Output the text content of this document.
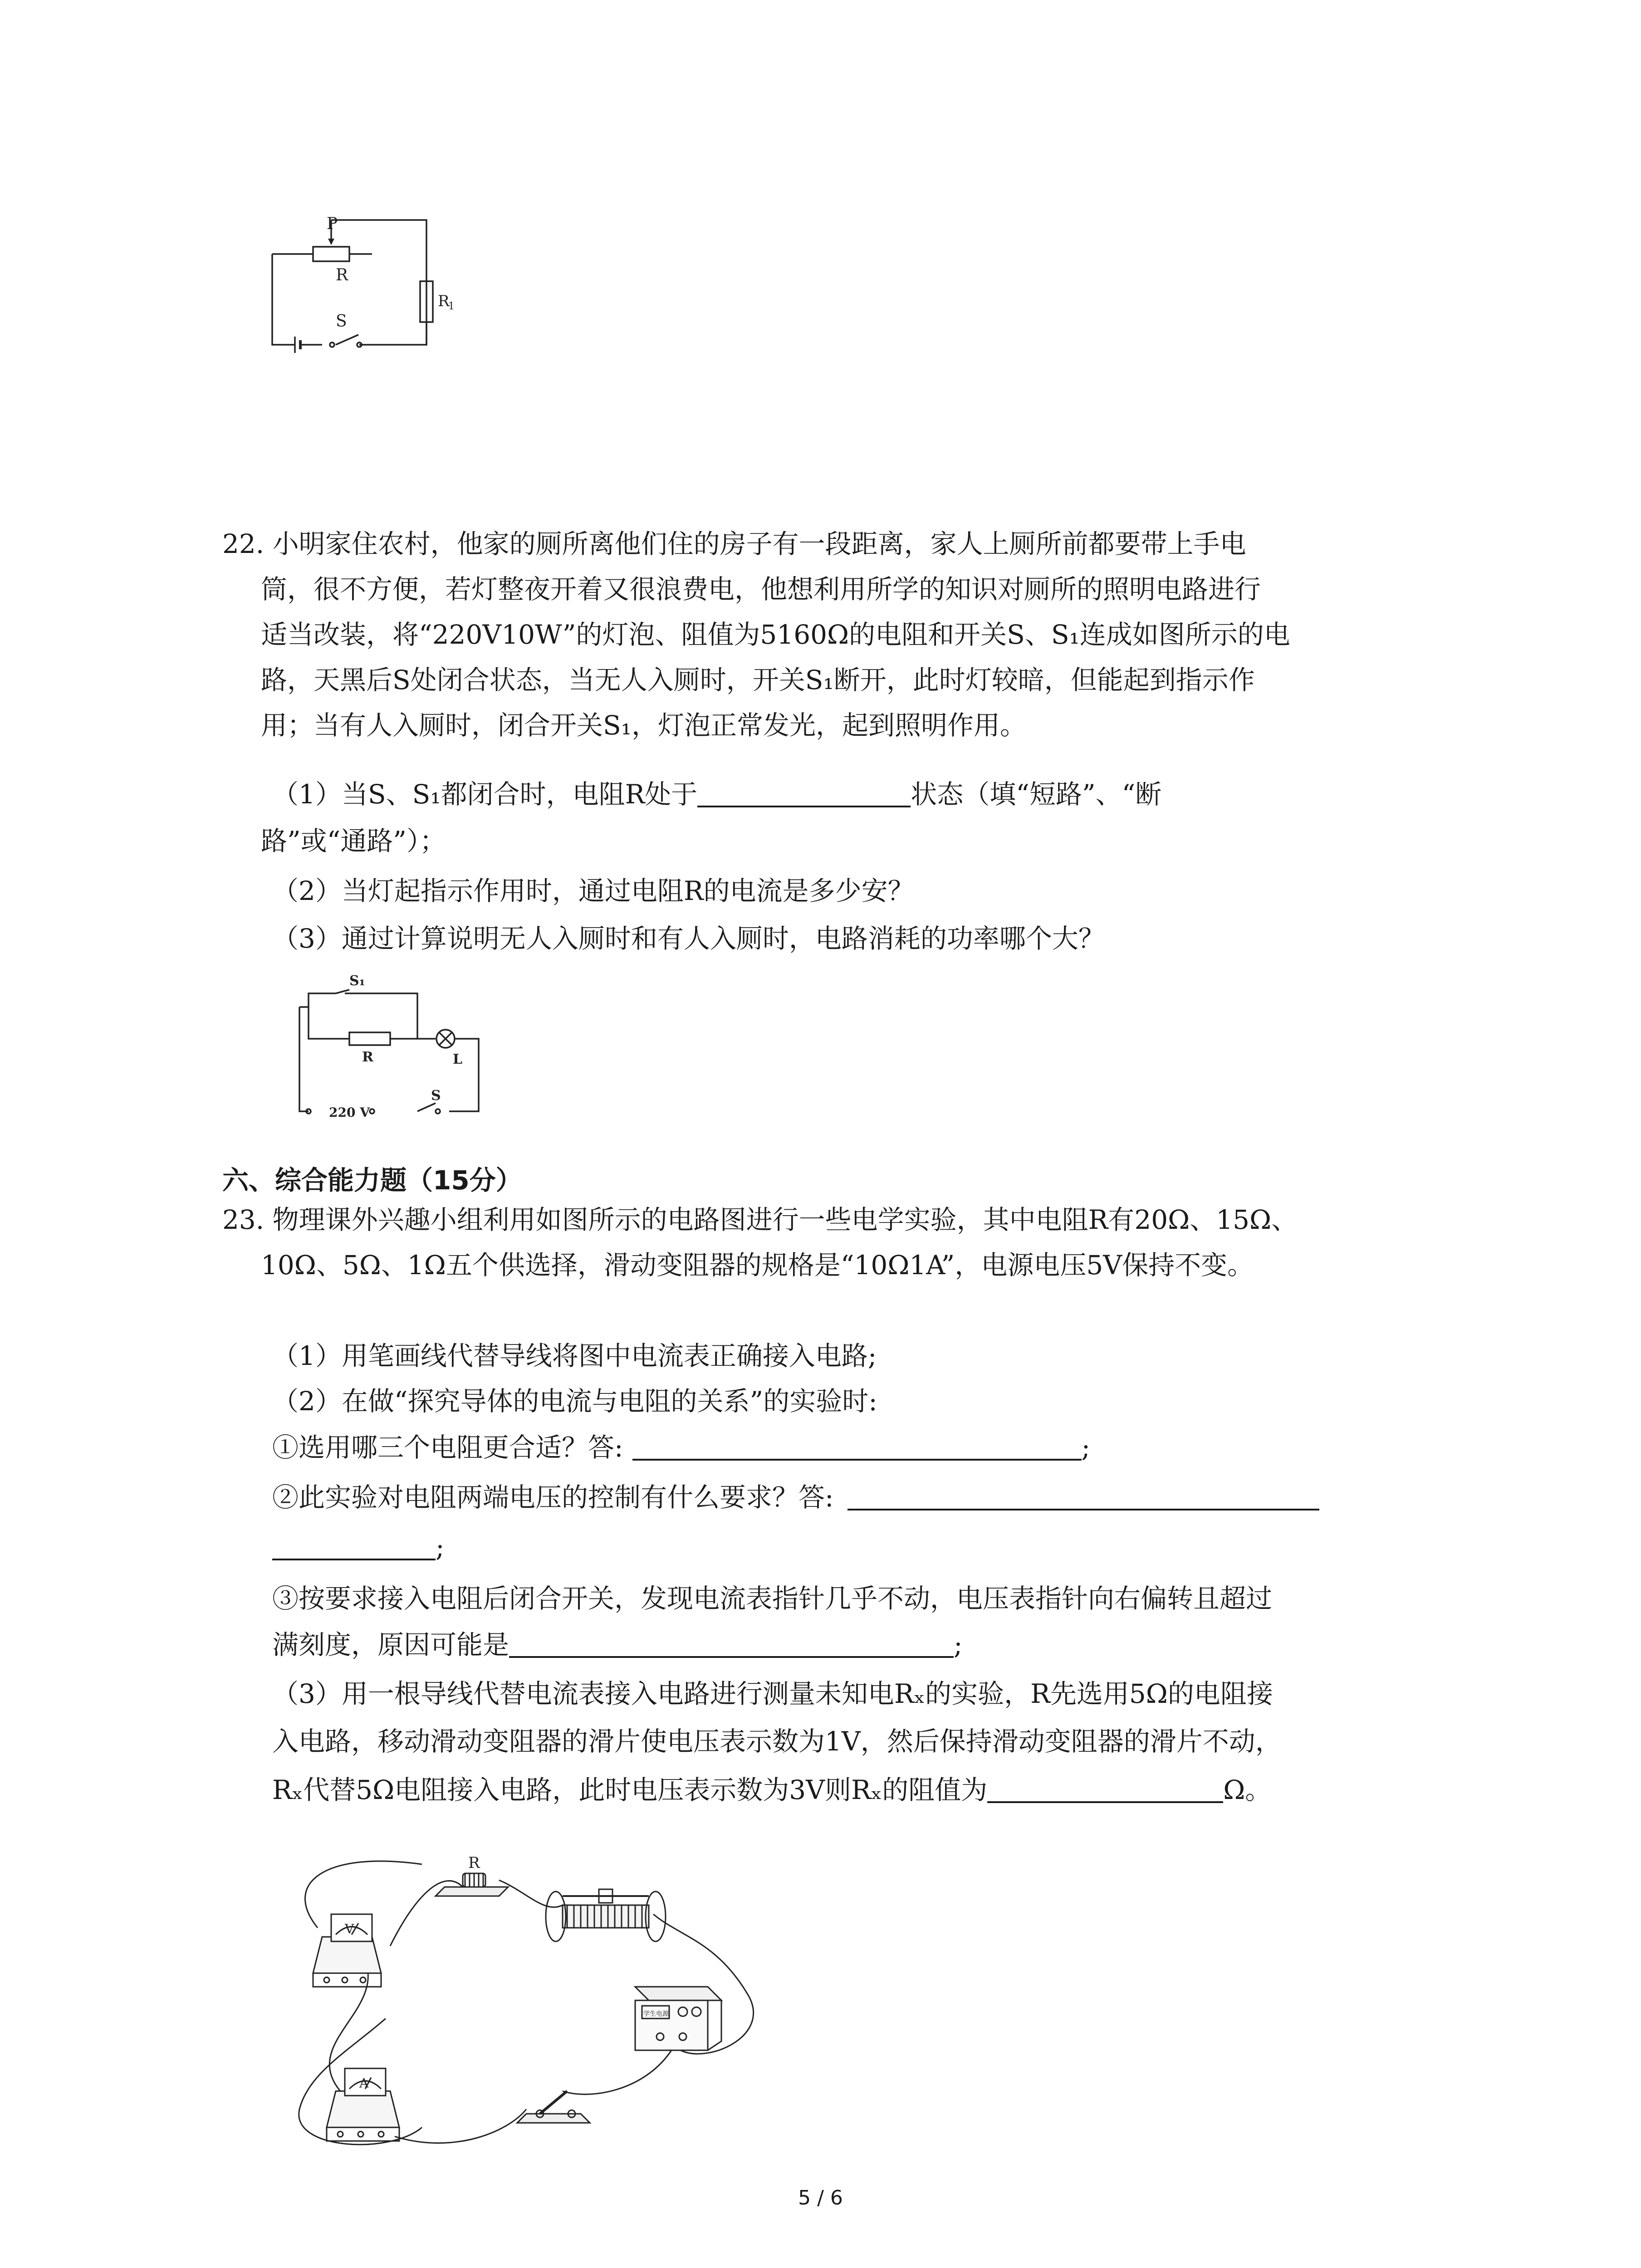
P
R
S
R
1
22. 小明家住农村，他家的厕所离他们住的房子有一段距离，家人上厕所前都要带上手电
筒，很不方便，若灯整夜开着又很浪费电，他想利用所学的知识对厕所的照明电路进行
适当改装，将“220V10W”的灯泡、阻值为5160Ω的电阻和开关S、S₁连成如图所示的电
路，天黑后S处闭合状态，当无人入厕时，开关S₁断开，此时灯较暗，但能起到指示作
用；当有人入厕时，闭合开关S₁，灯泡正常发光，起到照明作用。
（1）当S、S₁都闭合时，电阻R处于	状态（填“短路”、“断
路”或“通路”）；
（2）当灯起指示作用时，通过电阻R的电流是多少安？
（3）通过计算说明无人入厕时和有人入厕时，电路消耗的功率哪个大？
S₁
R	L
220 V
S
六、综合能力题（15分）
23. 物理课外兴趣小组利用如图所示的电路图进行一些电学实验，其中电阻R有20Ω、15Ω、
10Ω、5Ω、1Ω五个供选择，滑动变阻器的规格是“10Ω1A”，电源电压5V保持不变。
（1）用笔画线代替导线将图中电流表正确接入电路;
（2）在做“探究导体的电流与电阻的关系”的实验时:
①选用哪三个电阻更合适？答:	;
②此实验对电阻两端电压的控制有什么要求？答:
;
③按要求接入电阻后闭合开关，发现电流表指针几乎不动，电压表指针向右偏转且超过
满刻度，原因可能是	;
（3）用一根导线代替电流表接入电路进行测量未知电Rₓ的实验，R先选用5Ω的电阻接
入电路，移动滑动变阻器的滑片使电压表示数为1V，然后保持滑动变阻器的滑片不动，
Rₓ代替5Ω电阻接入电路，此时电压表示数为3V则Rₓ的阻值为	Ω。
R
V
A
学生电源
5 / 6
